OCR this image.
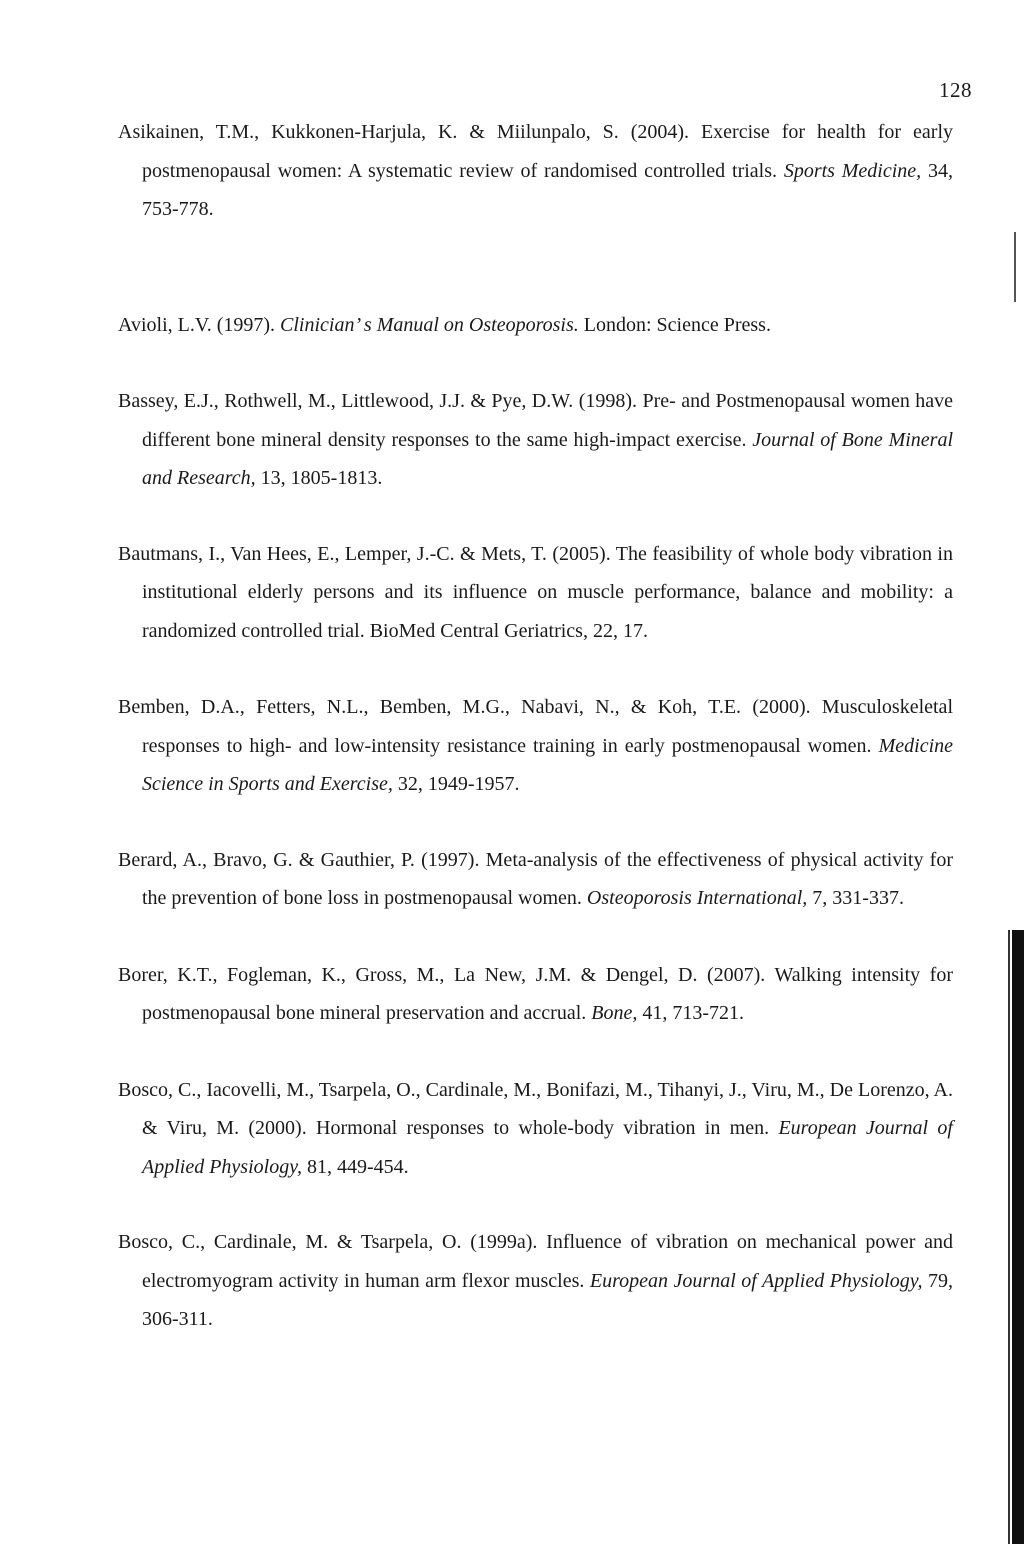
128

Asikainen, T.M., Kukkonen-Harjula, K. & Miilunpalo, S. (2004). Exercise for health for early postmenopausal women: A systematic review of randomised controlled trials. Sports Medicine, 34, 753-778.

Avioli, L.V. (1997). Clinician’ s Manual on Osteoporosis. London: Science Press.

Bassey, E.J., Rothwell, M., Littlewood, J.J. & Pye, D.W. (1998). Pre- and Postmenopausal women have different bone mineral density responses to the same high-impact exercise. Journal of Bone Mineral and Research, 13, 1805-1813.

Bautmans, I., Van Hees, E., Lemper, J.-C. & Mets, T. (2005). The feasibility of whole body vibration in institutional elderly persons and its influence on muscle performance, balance and mobility: a randomized controlled trial. BioMed Central Geriatrics, 22, 17.

Bemben, D.A., Fetters, N.L., Bemben, M.G., Nabavi, N., & Koh, T.E. (2000). Musculoskeletal responses to high- and low-intensity resistance training in early postmenopausal women. Medicine Science in Sports and Exercise, 32, 1949-1957.

Berard, A., Bravo, G. & Gauthier, P. (1997). Meta-analysis of the effectiveness of physical activity for the prevention of bone loss in postmenopausal women. Osteoporosis International, 7, 331-337.

Borer, K.T., Fogleman, K., Gross, M., La New, J.M. & Dengel, D. (2007). Walking intensity for postmenopausal bone mineral preservation and accrual. Bone, 41, 713-721.

Bosco, C., Iacovelli, M., Tsarpela, O., Cardinale, M., Bonifazi, M., Tihanyi, J., Viru, M., De Lorenzo, A. & Viru, M. (2000). Hormonal responses to whole-body vibration in men. European Journal of Applied Physiology, 81, 449-454.

Bosco, C., Cardinale, M. & Tsarpela, O. (1999a). Influence of vibration on mechanical power and electromyogram activity in human arm flexor muscles. European Journal of Applied Physiology, 79, 306-311.
